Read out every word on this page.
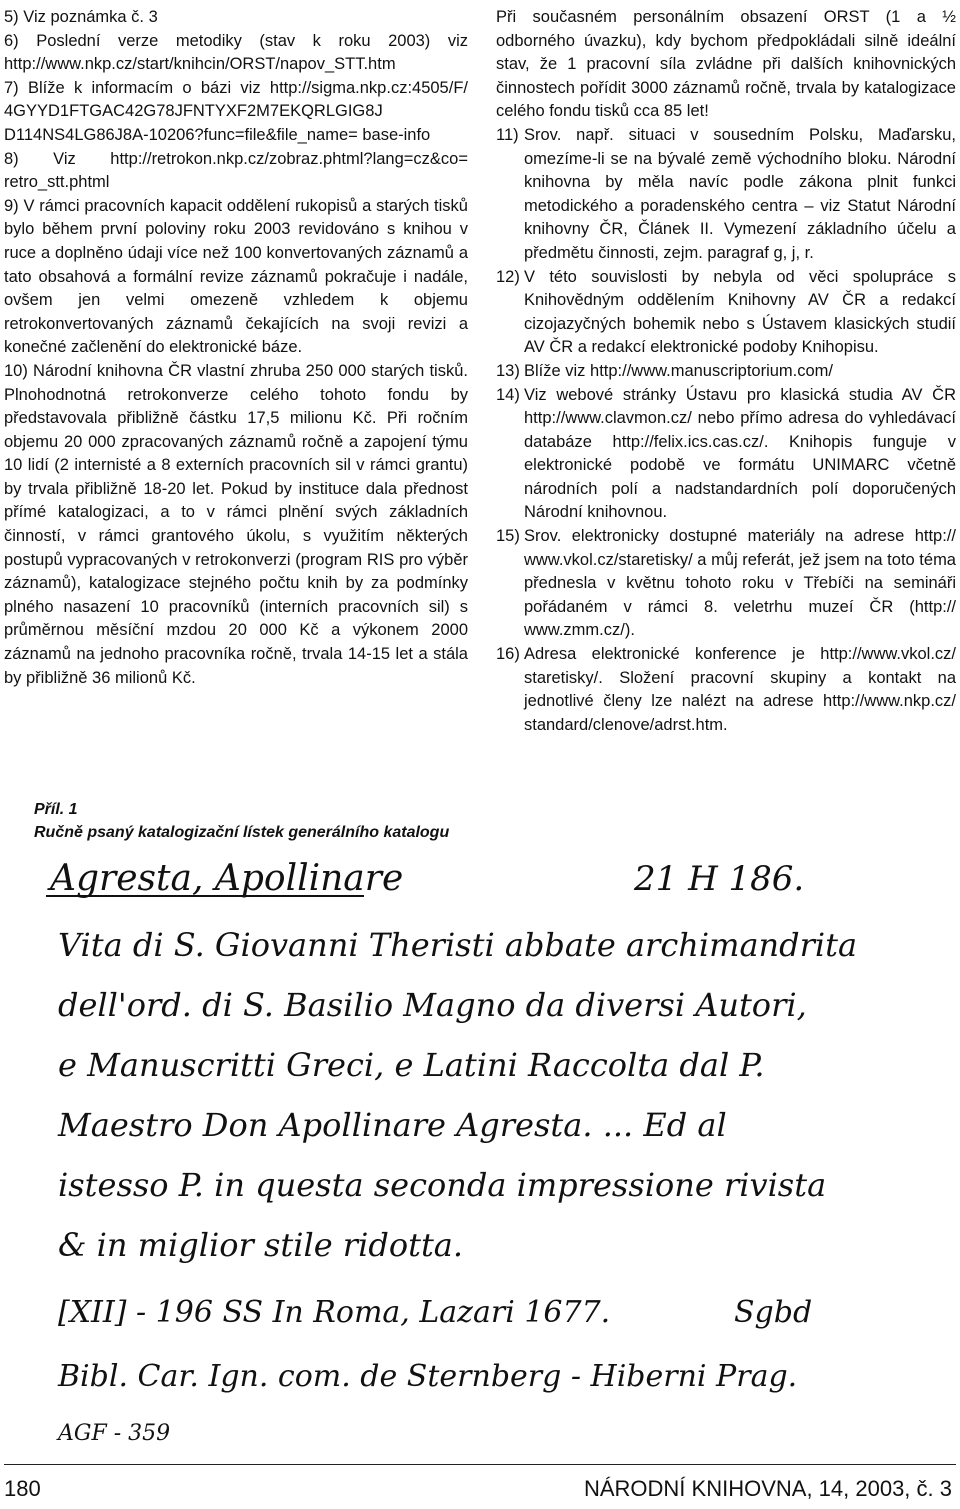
5) Viz poznámka č. 3

6) Poslední verze metodiky (stav k roku 2003) viz http://www.nkp.cz/start/knihcin/ORST/napov_STT.htm

7) Blíže k informacím o bázi viz http://sigma.nkp.cz:4505/F/ 4GYYD1FTGAC42G78JFNTYXF2M7EKQRLGIG8J D114NS4LG86J8A-10206?func=file&file_name= base-info

8) Viz http://retrokon.nkp.cz/zobraz.phtml?lang=cz&co= retro_stt.phtml

9) V rámci pracovních kapacit oddělení rukopisů a starých tisků bylo během první poloviny roku 2003 revidováno s knihou v ruce a doplněno údaji více než 100 konvertovaných záznamů a tato obsahová a formální revize záznamů pokračuje i nadále, ovšem jen velmi omezeně vzhledem k objemu retrokonvertovaných záznamů čekajících na svoji revizi a konečné začlenění do elektronické báze.

10) Národní knihovna ČR vlastní zhruba 250 000 starých tisků. Plnohodnotná retrokonverze celého tohoto fondu by představovala přibližně částku 17,5 milionu Kč. Při ročním objemu 20 000 zpracovaných záznamů ročně a zapojení týmu 10 lidí (2 internisté a 8 externích pracovních sil v rámci grantu) by trvala přibližně 18-20 let. Pokud by instituce dala přednost přímé katalogizaci, a to v rámci plnění svých základních činností, v rámci grantového úkolu, s využitím některých postupů vypracovaných v retrokonverzi (program RIS pro výběr záznamů), katalogizace stejného počtu knih by za podmínky plného nasazení 10 pracovníků (interních pracovních sil) s průměrnou měsíční mzdou 20 000 Kč a výkonem 2000 záznamů na jednoho pracovníka ročně, trvala 14-15 let a stála by přibližně 36 milionů Kč.

Při současném personálním obsazení ORST (1 a ½ odborného úvazku), kdy bychom předpokládali silně ideální stav, že 1 pracovní síla zvládne při dalších knihovnických činnostech pořídit 3000 záznamů ročně, trvala by katalogizace celého fondu tisků cca 85 let!

11) Srov. např. situaci v sousedním Polsku, Maďarsku, omezíme-li se na bývalé země východního bloku. Národní knihovna by měla navíc podle zákona plnit funkci metodického a poradenského centra – viz Statut Národní knihovny ČR, Článek II. Vymezení základního účelu a předmětu činnosti, zejm. paragraf g, j, r.

12) V této souvislosti by nebyla od věci spolupráce s Knihovědným oddělením Knihovny AV ČR a redakcí cizojazyčných bohemik nebo s Ústavem klasických studií AV ČR a redakcí elektronické podoby Knihopisu.

13) Blíže viz http://www.manuscriptorium.com/

14) Viz webové stránky Ústavu pro klasická studia AV ČR http://www.clavmon.cz/ nebo přímo adresa do vyhledávací databáze http://felix.ics.cas.cz/. Knihopis funguje v elektronické podobě ve formátu UNIMARC včetně národních polí a nadstandardních polí doporučených Národní knihovnou.

15) Srov. elektronicky dostupné materiály na adrese http:// www.vkol.cz/staretisky/ a můj referát, jež jsem na toto téma přednesla v květnu tohoto roku v Třebíči na semináři pořádaném v rámci 8. veletrhu muzeí ČR (http:// www.zmm.cz/).

16) Adresa elektronické konference je http://www.vkol.cz/ staretisky/. Složení pracovní skupiny a kontakt na jednotlivé členy lze nalézt na adrese http://www.nkp.cz/ standard/clenove/adrst.htm.

Příl. 1
Ručně psaný katalogizační lístek generálního katalogu
Agresta, Apollinare	21 H 186.
Vita di S. Giovanni Theristi abbate archimandrita
dell'ord. di S. Basilio Magno da diversi Autori,
e Manuscritti Greci, e Latini Raccolta dal P.
Maestro Don Apollinare Agresta. ... Ed al
istesso P. in questa seconda impressione rivista
& in miglior stile ridotta.
[XII] - 196 SS In Roma, Lazari 1677.	Sgbd
Bibl. Car. Ign. com. de Sternberg - Hiberni Prag.
AGF - 359
180	NÁRODNÍ KNIHOVNA, 14, 2003, č. 3
